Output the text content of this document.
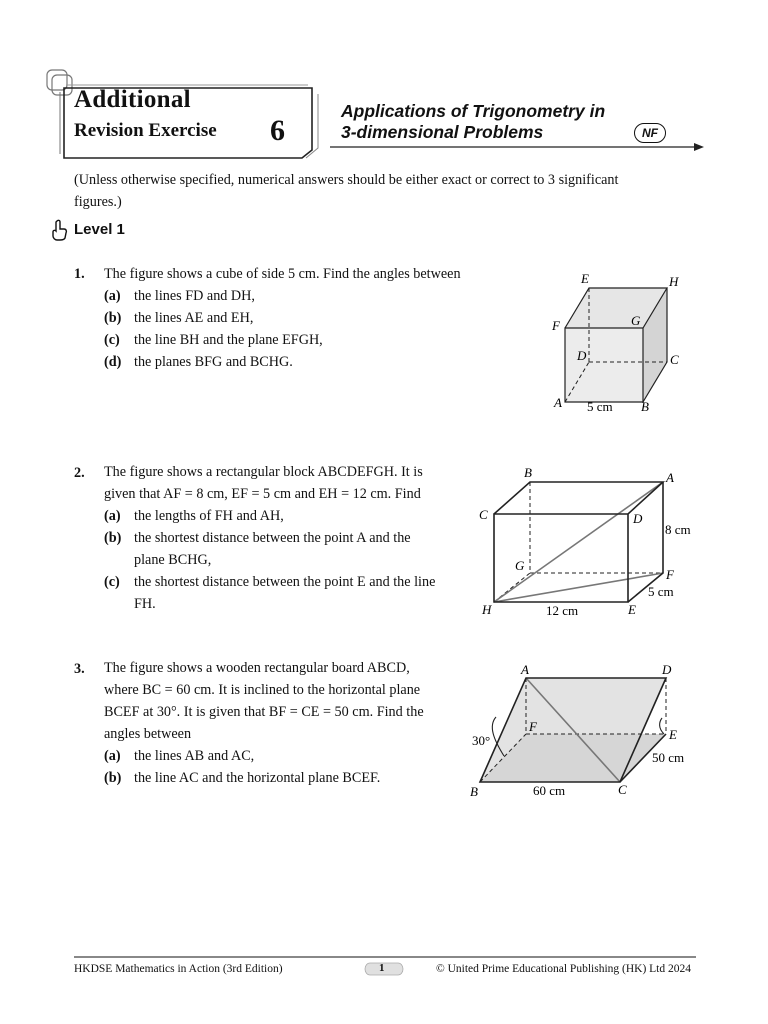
Additional
Revision Exercise 6
Applications of Trigonometry in
3-dimensional Problems	NF
(Unless otherwise specified, numerical answers should be either exact or correct to 3 significant
figures.)
Level 1
1. The figure shows a cube of side 5 cm. Find the angles between
(a) the lines FD and DH,
(b) the lines AE and EH,
(c) the line BH and the plane EFGH,
(d) the planes BFG and BCHG.
E	H
F	G
D	C
A	B
5 cm
2. The figure shows a rectangular block ABCDEFGH. It is
given that AF = 8 cm, EF = 5 cm and EH = 12 cm. Find
(a) the lengths of FH and AH,
(b) the shortest distance between the point A and the
plane BCHG,
(c) the shortest distance between the point E and the line
FH.
B	A
C	D
G
F
H	E
8 cm
5 cm
12 cm
3. The figure shows a wooden rectangular board ABCD,
where BC = 60 cm. It is inclined to the horizontal plane
BCEF at 30°. It is given that BF = CE = 50 cm. Find the
angles between
(a) the lines AB and AC,
(b) the line AC and the horizontal plane BCEF.
A	D
F
E
B	C
30°
50 cm
60 cm
HKDSE Mathematics in Action (3rd Edition)	1	© United Prime Educational Publishing (HK) Ltd 2024
